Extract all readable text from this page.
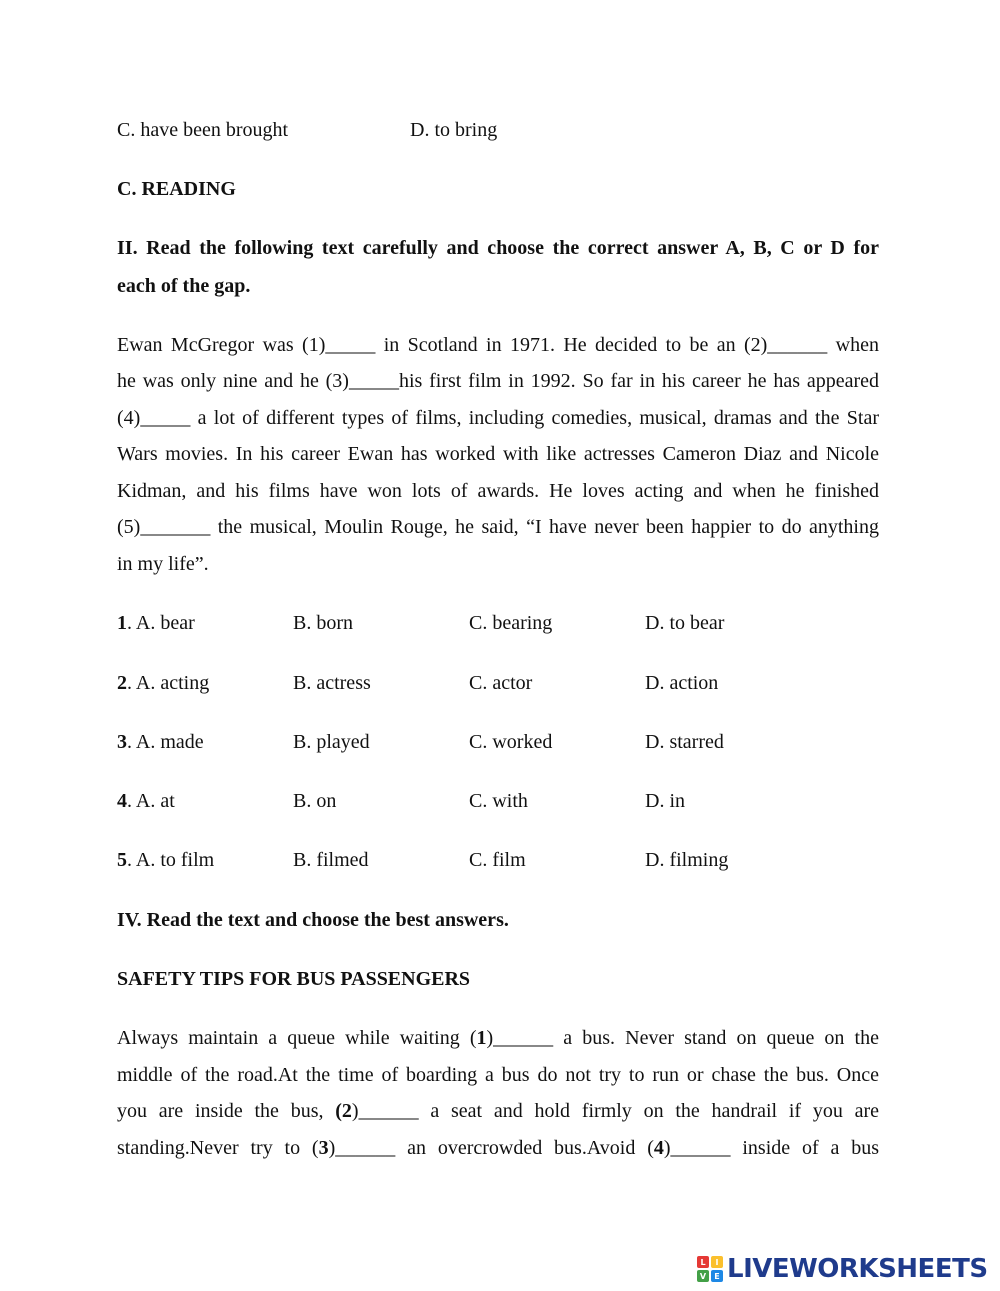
C. have been brought	D. to bring
C. READING
II. Read the following text carefully and choose the correct answer A, B, C or D for
each of the gap.
Ewan McGregor was (1)_____ in Scotland in 1971. He decided to be an (2)______ when
he was only nine and he (3)_____his first film in 1992. So far in his career he has appeared
(4)_____ a lot of different types of films, including comedies, musical, dramas and the Star
Wars movies. In his career Ewan has worked with like actresses Cameron Diaz and Nicole
Kidman, and his films have won lots of awards. He loves acting and when he finished
(5)_______ the musical, Moulin Rouge, he said, “I have never been happier to do anything
in my life”.
1. A. bear	B. born	C. bearing	D. to bear
2. A. acting	B. actress	C. actor	D. action
3. A. made	B. played	C. worked	D. starred
4. A. at	B. on	C. with	D. in
5. A. to film	B. filmed	C. film	D. filming
IV. Read the text and choose the best answers.
SAFETY TIPS FOR BUS PASSENGERS
Always maintain a queue while waiting (1)______ a bus. Never stand on queue on the
middle of the road.At the time of boarding a bus do not try to run or chase the bus. Once
you are inside the bus, (2)______ a seat and hold firmly on the handrail if you are
standing.Never try to (3)______ an overcrowded bus.Avoid (4)______ inside of a bus
L	I
V	E LIVEWORKSHEETS
